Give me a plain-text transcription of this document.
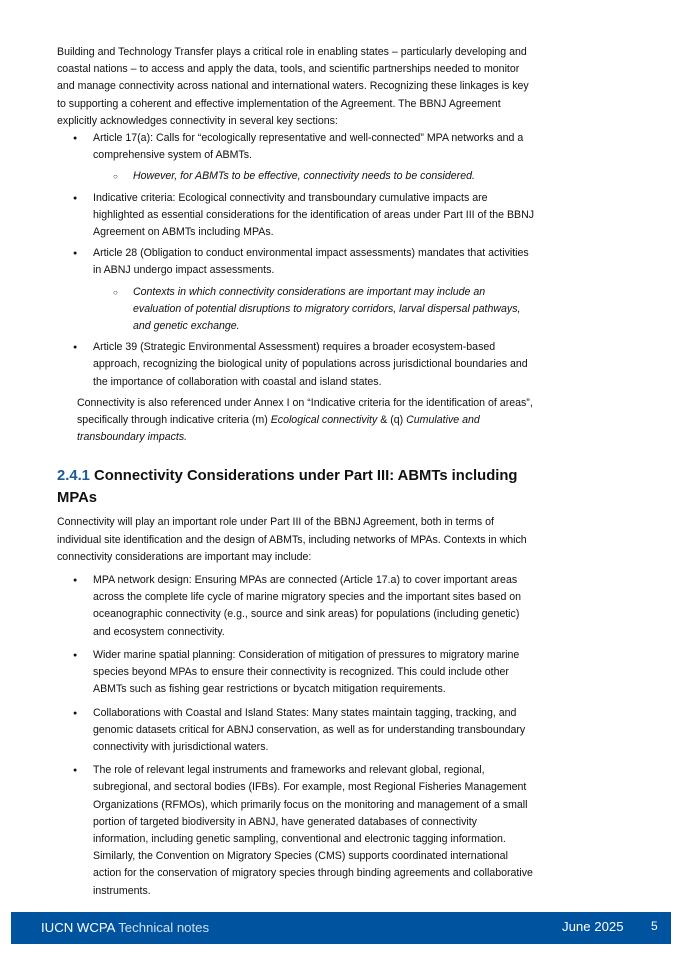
Building and Technology Transfer plays a critical role in enabling states – particularly developing and coastal nations – to access and apply the data, tools, and scientific partnerships needed to monitor and manage connectivity across national and international waters. Recognizing these linkages is key to supporting a coherent and effective implementation of the Agreement. The BBNJ Agreement explicitly acknowledges connectivity in several key sections:

● Article 17(a): Calls for “ecologically representative and well-connected” MPA networks and a comprehensive system of ABMTs.
○ However, for ABMTs to be effective, connectivity needs to be considered.
● Indicative criteria: Ecological connectivity and transboundary cumulative impacts are highlighted as essential considerations for the identification of areas under Part III of the BBNJ Agreement on ABMTs including MPAs.
● Article 28 (Obligation to conduct environmental impact assessments) mandates that activities in ABNJ undergo impact assessments.
○ Contexts in which connectivity considerations are important may include an evaluation of potential disruptions to migratory corridors, larval dispersal pathways, and genetic exchange.
● Article 39 (Strategic Environmental Assessment) requires a broader ecosystem-based approach, recognizing the biological unity of populations across jurisdictional boundaries and the importance of collaboration with coastal and island states.

Connectivity is also referenced under Annex I on “Indicative criteria for the identification of areas”, specifically through indicative criteria (m) Ecological connectivity & (q) Cumulative and transboundary impacts.

2.4.1 Connectivity Considerations under Part III: ABMTs including MPAs

Connectivity will play an important role under Part III of the BBNJ Agreement, both in terms of individual site identification and the design of ABMTs, including networks of MPAs. Contexts in which connectivity considerations are important may include:

● MPA network design: Ensuring MPAs are connected (Article 17.a) to cover important areas across the complete life cycle of marine migratory species and the important sites based on oceanographic connectivity (e.g., source and sink areas) for populations (including genetic) and ecosystem connectivity.
● Wider marine spatial planning: Consideration of mitigation of pressures to migratory marine species beyond MPAs to ensure their connectivity is recognized. This could include other ABMTs such as fishing gear restrictions or bycatch mitigation requirements.
● Collaborations with Coastal and Island States: Many states maintain tagging, tracking, and genomic datasets critical for ABNJ conservation, as well as for understanding transboundary connectivity with jurisdictional waters.
● The role of relevant legal instruments and frameworks and relevant global, regional, subregional, and sectoral bodies (IFBs). For example, most Regional Fisheries Management Organizations (RFMOs), which primarily focus on the monitoring and management of a small portion of targeted biodiversity in ABNJ, have generated databases of connectivity information, including genetic sampling, conventional and electronic tagging information. Similarly, the Convention on Migratory Species (CMS) supports coordinated international action for the conservation of migratory species through binding agreements and collaborative instruments.
IUCN WCPA Technical notes	June 2025 5
